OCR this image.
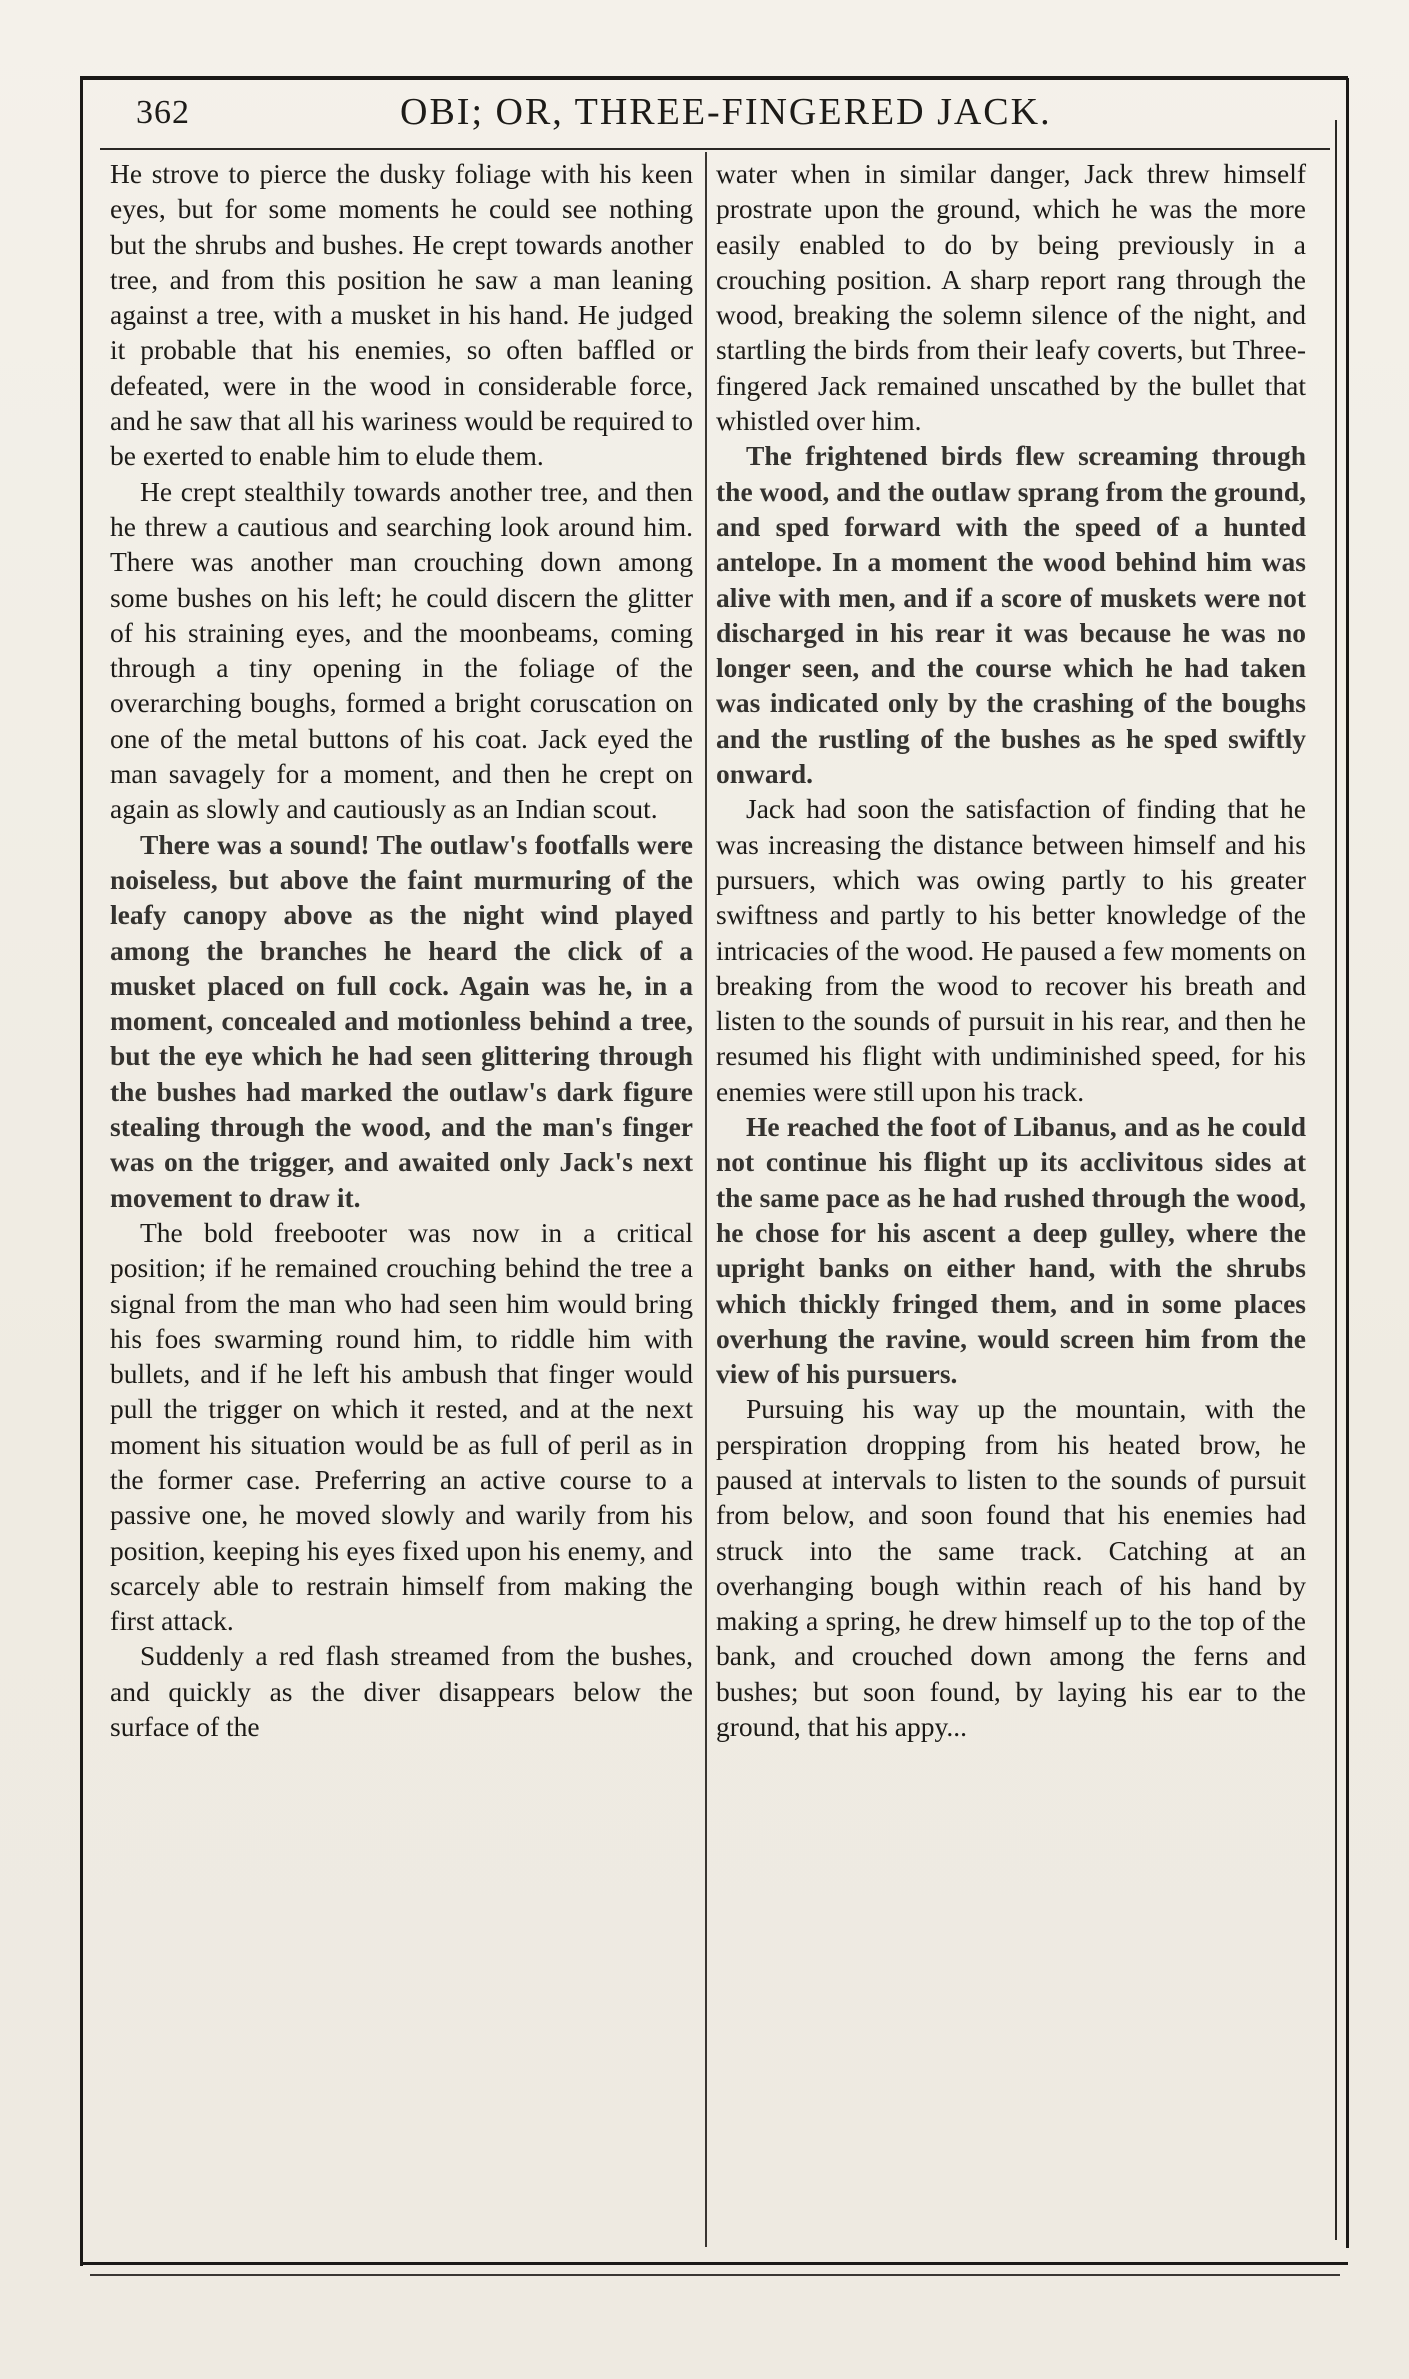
362	OBI; OR, THREE-FINGERED JACK.

He strove to pierce the dusky foliage with his keen eyes, but for some moments he could see nothing but the shrubs and bushes. He crept towards another tree, and from this position he saw a man leaning against a tree, with a musket in his hand. He judged it probable that his enemies, so often baffled or defeated, were in the wood in considerable force, and he saw that all his wariness would be required to be exerted to enable him to elude them.

He crept stealthily towards another tree, and then he threw a cautious and searching look around him. There was another man crouching down among some bushes on his left; he could discern the glitter of his straining eyes, and the moonbeams, coming through a tiny opening in the foliage of the overarching boughs, formed a bright coruscation on one of the metal buttons of his coat. Jack eyed the man savagely for a moment, and then he crept on again as slowly and cautiously as an Indian scout.

There was a sound! The outlaw's footfalls were noiseless, but above the faint murmuring of the leafy canopy above as the night wind played among the branches he heard the click of a musket placed on full cock. Again was he, in a moment, concealed and motionless behind a tree, but the eye which he had seen glittering through the bushes had marked the outlaw's dark figure stealing through the wood, and the man's finger was on the trigger, and awaited only Jack's next movement to draw it.

The bold freebooter was now in a critical position; if he remained crouching behind the tree a signal from the man who had seen him would bring his foes swarming round him, to riddle him with bullets, and if he left his ambush that finger would pull the trigger on which it rested, and at the next moment his situation would be as full of peril as in the former case. Preferring an active course to a passive one, he moved slowly and warily from his position, keeping his eyes fixed upon his enemy, and scarcely able to restrain himself from making the first attack.

Suddenly a red flash streamed from the bushes, and quickly as the diver disappears below the surface of the

water when in similar danger, Jack threw himself prostrate upon the ground, which he was the more easily enabled to do by being previously in a crouching position. A sharp report rang through the wood, breaking the solemn silence of the night, and startling the birds from their leafy coverts, but Three-fingered Jack remained unscathed by the bullet that whistled over him.

The frightened birds flew screaming through the wood, and the outlaw sprang from the ground, and sped forward with the speed of a hunted antelope. In a moment the wood behind him was alive with men, and if a score of muskets were not discharged in his rear it was because he was no longer seen, and the course which he had taken was indicated only by the crashing of the boughs and the rustling of the bushes as he sped swiftly onward.

Jack had soon the satisfaction of finding that he was increasing the distance between himself and his pursuers, which was owing partly to his greater swiftness and partly to his better knowledge of the intricacies of the wood. He paused a few moments on breaking from the wood to recover his breath and listen to the sounds of pursuit in his rear, and then he resumed his flight with undiminished speed, for his enemies were still upon his track.

He reached the foot of Libanus, and as he could not continue his flight up its acclivitous sides at the same pace as he had rushed through the wood, he chose for his ascent a deep gulley, where the upright banks on either hand, with the shrubs which thickly fringed them, and in some places overhung the ravine, would screen him from the view of his pursuers.

Pursuing his way up the mountain, with the perspiration dropping from his heated brow, he paused at intervals to listen to the sounds of pursuit from below, and soon found that his enemies had struck into the same track. Catching at an overhanging bough within reach of his hand by making a spring, he drew himself up to the top of the bank, and crouched down among the ferns and bushes; but soon found, by laying his ear to the ground, that his appy...
